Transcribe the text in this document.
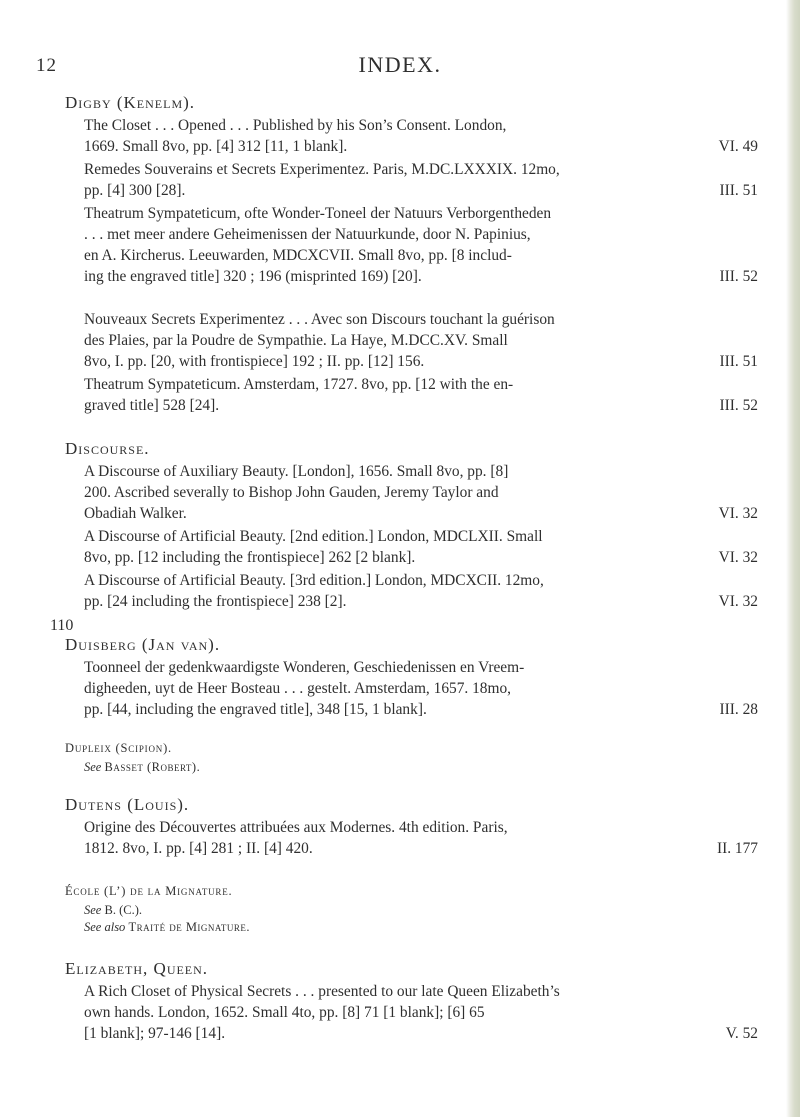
12	INDEX.
110

Digby (Kenelm).

The Closet . . . Opened . . . Published by his Son’s Consent. London,
1669. Small 8vo, pp. [4] 312 [11, 1 blank].	VI. 49
Remedes Souverains et Secrets Experimentez. Paris, M.DC.LXXXIX. 12mo,
pp. [4] 300 [28].	III. 51
Theatrum Sympateticum, ofte Wonder-Toneel der Natuurs Verborgentheden
. . . met meer andere Geheimenissen der Natuurkunde, door N. Papinius,
en A. Kircherus. Leeuwarden, MDCXCVII. Small 8vo, pp. [8 includ-
ing the engraved title] 320 ; 196 (misprinted 169) [20].	III. 52
Nouveaux Secrets Experimentez . . . Avec son Discours touchant la guérison
des Plaies, par la Poudre de Sympathie. La Haye, M.DCC.XV. Small
8vo, I. pp. [20, with frontispiece] 192 ; II. pp. [12] 156.	III. 51
Theatrum Sympateticum. Amsterdam, 1727. 8vo, pp. [12 with the en-
graved title] 528 [24].	III. 52

Discourse.

A Discourse of Auxiliary Beauty. [London], 1656. Small 8vo, pp. [8]
200. Ascribed severally to Bishop John Gauden, Jeremy Taylor and
Obadiah Walker.	VI. 32
A Discourse of Artificial Beauty. [2nd edition.] London, MDCLXII. Small
8vo, pp. [12 including the frontispiece] 262 [2 blank].	VI. 32
A Discourse of Artificial Beauty. [3rd edition.] London, MDCXCII. 12mo,
pp. [24 including the frontispiece] 238 [2].	VI. 32

Duisberg (Jan van).

Toonneel der gedenkwaardigste Wonderen, Geschiedenissen en Vreem-
digheeden, uyt de Heer Bosteau . . . gestelt. Amsterdam, 1657. 18mo,
pp. [44, including the engraved title], 348 [15, 1 blank].	III. 28

Dupleix (Scipion).

See Basset (Robert).

Dutens (Louis).

Origine des Découvertes attribuées aux Modernes. 4th edition. Paris,
1812. 8vo, I. pp. [4] 281 ; II. [4] 420.	II. 177

École (L’) de la Mignature.

See B. (C.).
See also Traité de Mignature.

Elizabeth, Queen.

A Rich Closet of Physical Secrets . . . presented to our late Queen Elizabeth’s
own hands. London, 1652. Small 4to, pp. [8] 71 [1 blank]; [6] 65
[1 blank]; 97-146 [14].	V. 52
